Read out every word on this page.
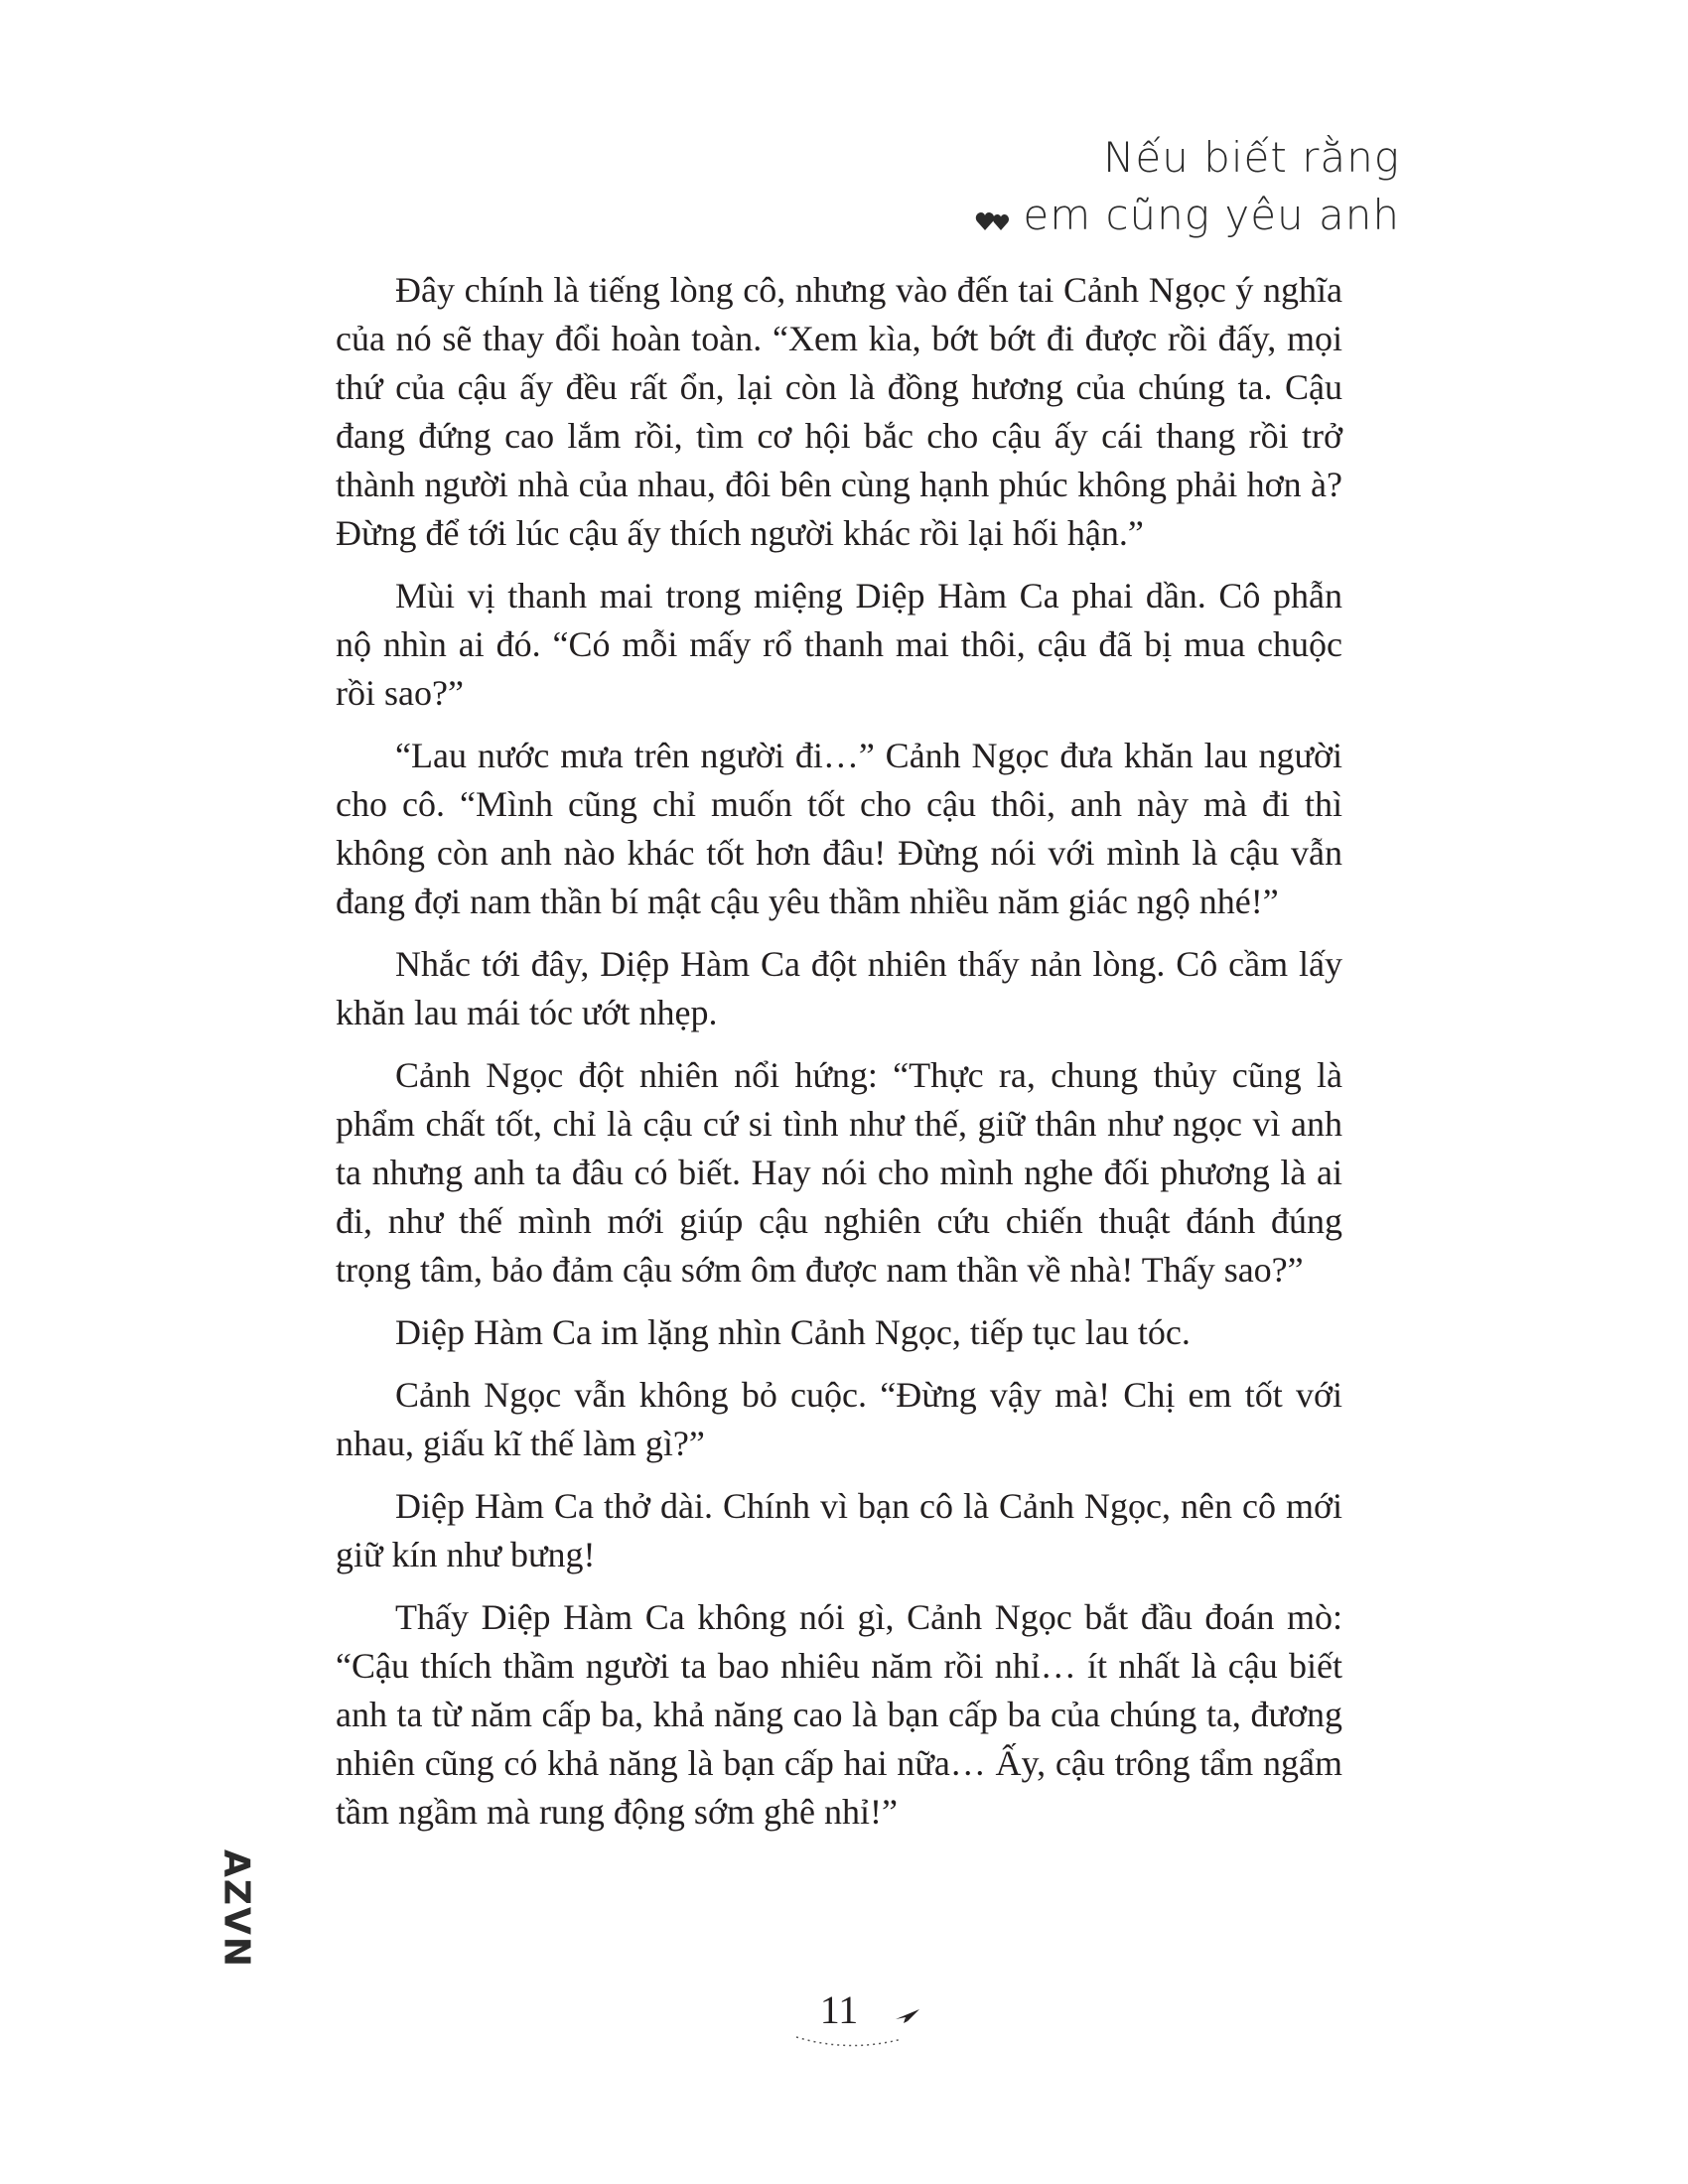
Nếu biết rằng
em cũng yêu anh

Đây chính là tiếng lòng cô, nhưng vào đến tai Cảnh Ngọc ý nghĩa của nó sẽ thay đổi hoàn toàn. “Xem kìa, bớt bớt đi được rồi đấy, mọi thứ của cậu ấy đều rất ổn, lại còn là đồng hương của chúng ta. Cậu đang đứng cao lắm rồi, tìm cơ hội bắc cho cậu ấy cái thang rồi trở thành người nhà của nhau, đôi bên cùng hạnh phúc không phải hơn à? Đừng để tới lúc cậu ấy thích người khác rồi lại hối hận.”

Mùi vị thanh mai trong miệng Diệp Hàm Ca phai dần. Cô phẫn nộ nhìn ai đó. “Có mỗi mấy rổ thanh mai thôi, cậu đã bị mua chuộc rồi sao?”

“Lau nước mưa trên người đi…” Cảnh Ngọc đưa khăn lau người cho cô. “Mình cũng chỉ muốn tốt cho cậu thôi, anh này mà đi thì không còn anh nào khác tốt hơn đâu! Đừng nói với mình là cậu vẫn đang đợi nam thần bí mật cậu yêu thầm nhiều năm giác ngộ nhé!”

Nhắc tới đây, Diệp Hàm Ca đột nhiên thấy nản lòng. Cô cầm lấy khăn lau mái tóc ướt nhẹp.

Cảnh Ngọc đột nhiên nổi hứng: “Thực ra, chung thủy cũng là phẩm chất tốt, chỉ là cậu cứ si tình như thế, giữ thân như ngọc vì anh ta nhưng anh ta đâu có biết. Hay nói cho mình nghe đối phương là ai đi, như thế mình mới giúp cậu nghiên cứu chiến thuật đánh đúng trọng tâm, bảo đảm cậu sớm ôm được nam thần về nhà! Thấy sao?”

Diệp Hàm Ca im lặng nhìn Cảnh Ngọc, tiếp tục lau tóc.

Cảnh Ngọc vẫn không bỏ cuộc. “Đừng vậy mà! Chị em tốt với nhau, giấu kĩ thế làm gì?”

Diệp Hàm Ca thở dài. Chính vì bạn cô là Cảnh Ngọc, nên cô mới giữ kín như bưng!

Thấy Diệp Hàm Ca không nói gì, Cảnh Ngọc bắt đầu đoán mò: “Cậu thích thầm người ta bao nhiêu năm rồi nhỉ… ít nhất là cậu biết anh ta từ năm cấp ba, khả năng cao là bạn cấp ba của chúng ta, đương nhiên cũng có khả năng là bạn cấp hai nữa… Ấy, cậu trông tẩm ngẩm tầm ngầm mà rung động sớm ghê nhỉ!”

AZVN
11
